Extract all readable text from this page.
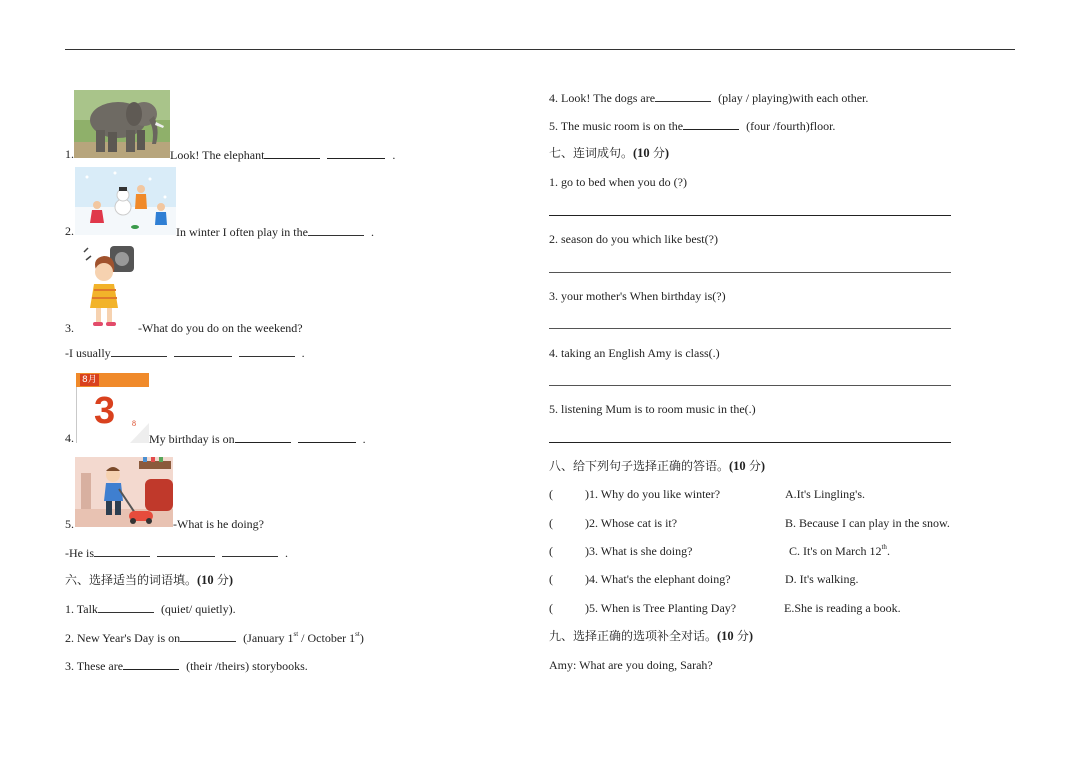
1.	Look! The elephant	.
2.	In winter I often play in the	.
3.	-What do you do on the weekend?
-I usually	.
8月
3 8
4.	My birthday is on	.
5.	-What is he doing?
-He is	.
六、选择适当的词语填。(10 分)
1. Talk	(quiet/ quietly).
2. New Year's Day is on	(January 1st / October 1st)
3. These are	(their /theirs) storybooks.
4. Look! The dogs are	(play / playing)with each other.
5. The music room is on the	(four /fourth)floor.
七、连词成句。(10 分)
1. go to bed when you do (?)
2. season do you which like best(?)
3. your mother's When birthday is(?)
4. taking an English Amy is class(.)
5. listening Mum is to room music in the(.)
八、给下列句子选择正确的答语。(10 分)
(	)1. Why do you like winter?	A.It's Lingling's.
(	)2. Whose cat is it?	B. Because I can play in the snow.
(	)3. What is she doing?	C. It's on March 12th.
(	)4. What's the elephant doing?	D. It's walking.
(	)5. When is Tree Planting Day?	E.She is reading a book.
九、选择正确的选项补全对话。(10 分)
Amy: What are you doing, Sarah?
